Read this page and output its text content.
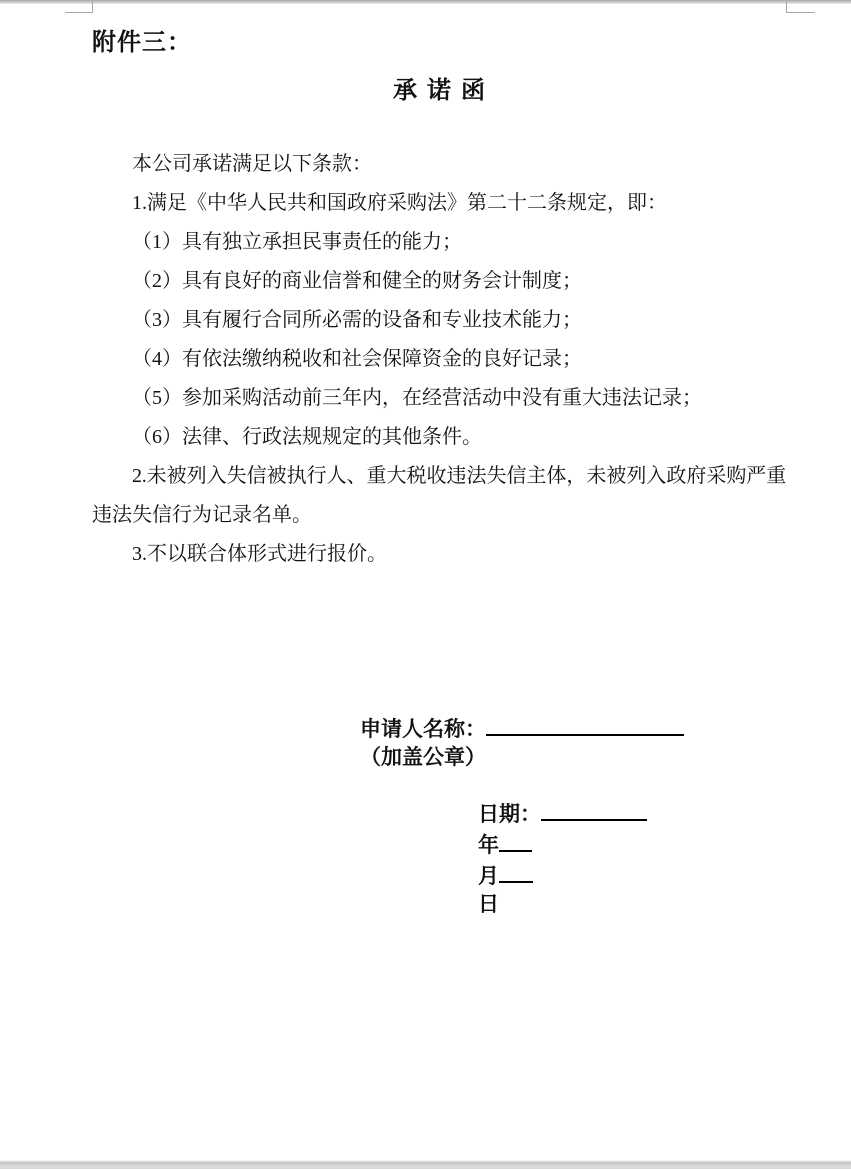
附件三：
承 诺 函
本公司承诺满足以下条款：
1.满足《中华人民共和国政府采购法》第二十二条规定，即：
（1）具有独立承担民事责任的能力；
（2）具有良好的商业信誉和健全的财务会计制度；
（3）具有履行合同所必需的设备和专业技术能力；
（4）有依法缴纳税收和社会保障资金的良好记录；
（5）参加采购活动前三年内，在经营活动中没有重大违法记录；
（6）法律、行政法规规定的其他条件。
2.未被列入失信被执行人、重大税收违法失信主体，未被列入政府采购严重
违法失信行为记录名单。
3.不以联合体形式进行报价。
申请人名称：（加盖公章）
日期：年月日
